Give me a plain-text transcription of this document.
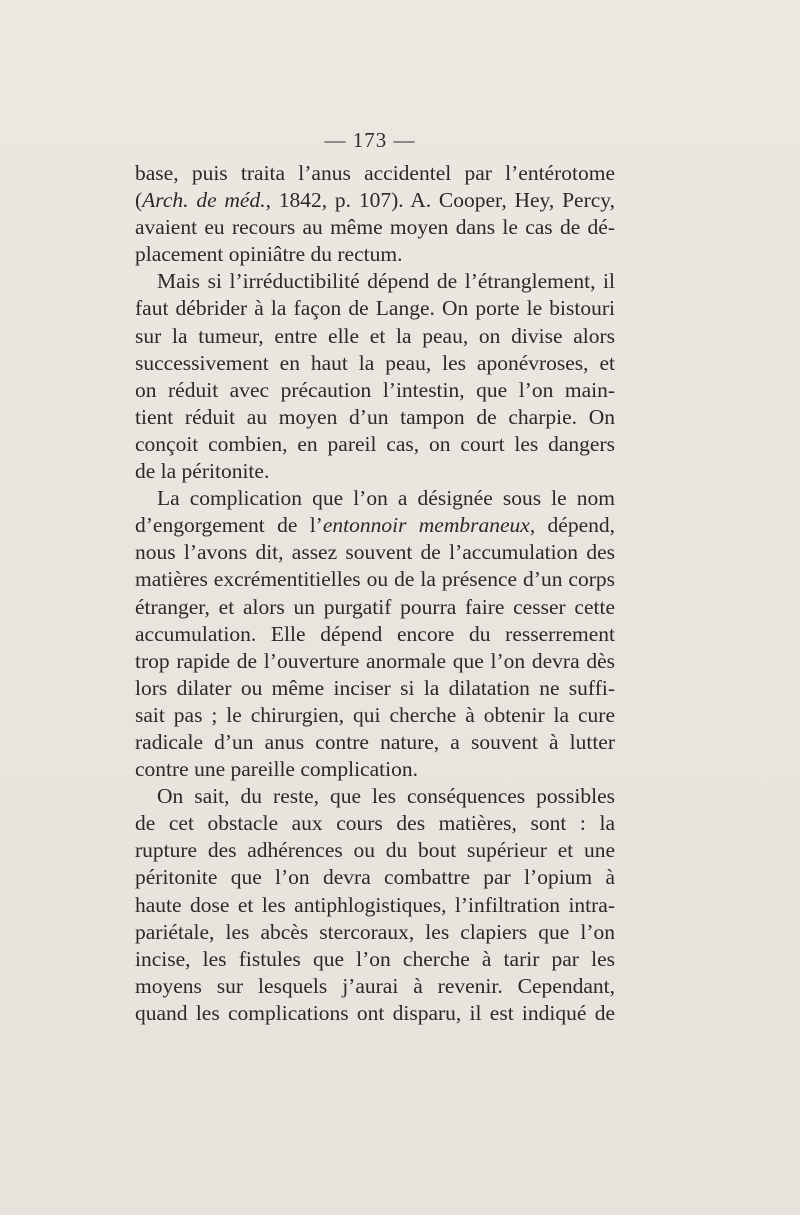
— 173 —
base, puis traita l’anus accidentel par l’entérotome
(Arch. de méd., 1842, p. 107). A. Cooper, Hey, Percy,
avaient eu recours au même moyen dans le cas de dé-
placement opiniâtre du rectum.
Mais si l’irréductibilité dépend de l’étranglement, il
faut débrider à la façon de Lange. On porte le bistouri
sur la tumeur, entre elle et la peau, on divise alors
successivement en haut la peau, les aponévroses, et
on réduit avec précaution l’intestin, que l’on main-
tient réduit au moyen d’un tampon de charpie. On
conçoit combien, en pareil cas, on court les dangers
de la péritonite.
La complication que l’on a désignée sous le nom
d’engorgement de l’entonnoir membraneux, dépend,
nous l’avons dit, assez souvent de l’accumulation des
matières excrémentitielles ou de la présence d’un corps
étranger, et alors un purgatif pourra faire cesser cette
accumulation. Elle dépend encore du resserrement
trop rapide de l’ouverture anormale que l’on devra dès
lors dilater ou même inciser si la dilatation ne suffi-
sait pas ; le chirurgien, qui cherche à obtenir la cure
radicale d’un anus contre nature, a souvent à lutter
contre une pareille complication.
On sait, du reste, que les conséquences possibles
de cet obstacle aux cours des matières, sont : la
rupture des adhérences ou du bout supérieur et une
péritonite que l’on devra combattre par l’opium à
haute dose et les antiphlogistiques, l’infiltration intra-
pariétale, les abcès stercoraux, les clapiers que l’on
incise, les fistules que l’on cherche à tarir par les
moyens sur lesquels j’aurai à revenir. Cependant,
quand les complications ont disparu, il est indiqué de
